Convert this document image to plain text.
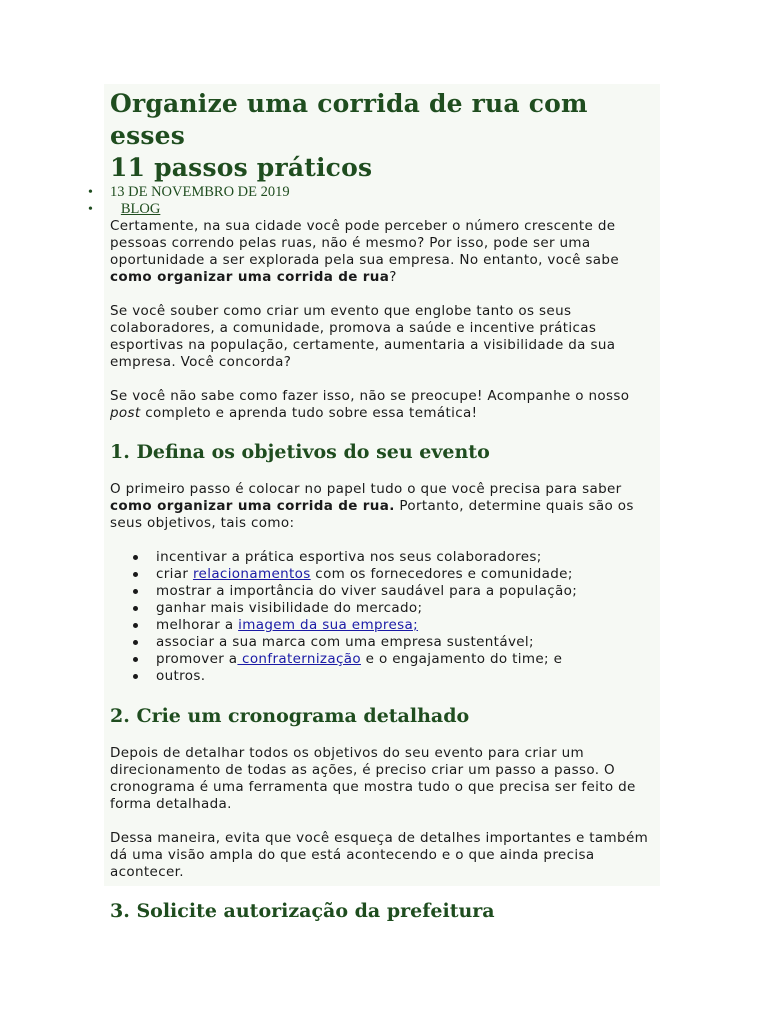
Organize uma corrida de rua com esses
11 passos práticos
• 13 DE NOVEMBRO DE 2019
• BLOG

Certamente, na sua cidade você pode perceber o número crescente de pessoas correndo pelas ruas, não é mesmo? Por isso, pode ser uma oportunidade a ser explorada pela sua empresa. No entanto, você sabe como organizar uma corrida de rua?

Se você souber como criar um evento que englobe tanto os seus colaboradores, a comunidade, promova a saúde e incentive práticas esportivas na população, certamente, aumentaria a visibilidade da sua empresa. Você concorda?

Se você não sabe como fazer isso, não se preocupe! Acompanhe o nosso post completo e aprenda tudo sobre essa temática!

1. Defina os objetivos do seu evento

O primeiro passo é colocar no papel tudo o que você precisa para saber como organizar uma corrida de rua. Portanto, determine quais são os seus objetivos, tais como:

incentivar a prática esportiva nos seus colaboradores;
criar relacionamentos com os fornecedores e comunidade;
mostrar a importância do viver saudável para a população;
ganhar mais visibilidade do mercado;
melhorar a imagem da sua empresa;
associar a sua marca com uma empresa sustentável;
promover a confraternização e o engajamento do time; e
outros.
2. Crie um cronograma detalhado

Depois de detalhar todos os objetivos do seu evento para criar um direcionamento de todas as ações, é preciso criar um passo a passo. O cronograma é uma ferramenta que mostra tudo o que precisa ser feito de forma detalhada.

Dessa maneira, evita que você esqueça de detalhes importantes e também dá uma visão ampla do que está acontecendo e o que ainda precisa acontecer.

3. Solicite autorização da prefeitura
